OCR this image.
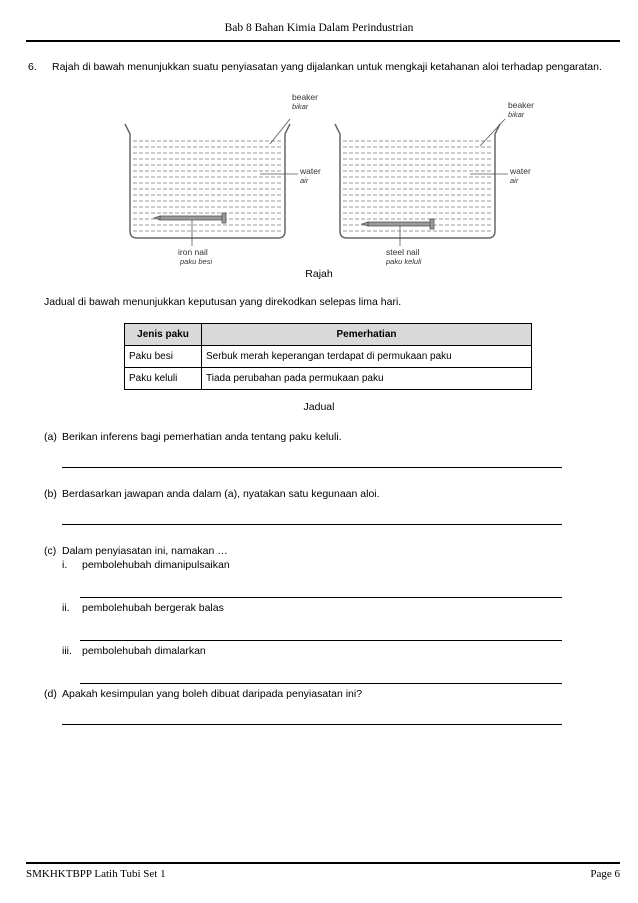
Bab 8 Bahan Kimia Dalam Perindustrian
6. Rajah di bawah menunjukkan suatu penyiasatan yang dijalankan untuk mengkaji ketahanan aloi terhadap pengaratan.
beaker
bikar
water
air
iron nail
paku besi
beaker
bikar
water
air
steel nail
paku keluli
Rajah
Jadual di bawah menunjukkan keputusan yang direkodkan selepas lima hari.
Jenis paku	Pemerhatian
Paku besi	Serbuk merah keperangan terdapat di permukaan paku
Paku keluli	Tiada perubahan pada permukaan paku
Jadual
(a) Berikan inferens bagi pemerhatian anda tentang paku keluli.
(b) Berdasarkan jawapan anda dalam (a), nyatakan satu kegunaan aloi.
(c) Dalam penyiasatan ini, namakan …
i. pembolehubah dimanipulsaikan
ii. pembolehubah bergerak balas
iii. pembolehubah dimalarkan
(d) Apakah kesimpulan yang boleh dibuat daripada penyiasatan ini?
SMKHKTBPP Latih Tubi Set 1	Page 6
